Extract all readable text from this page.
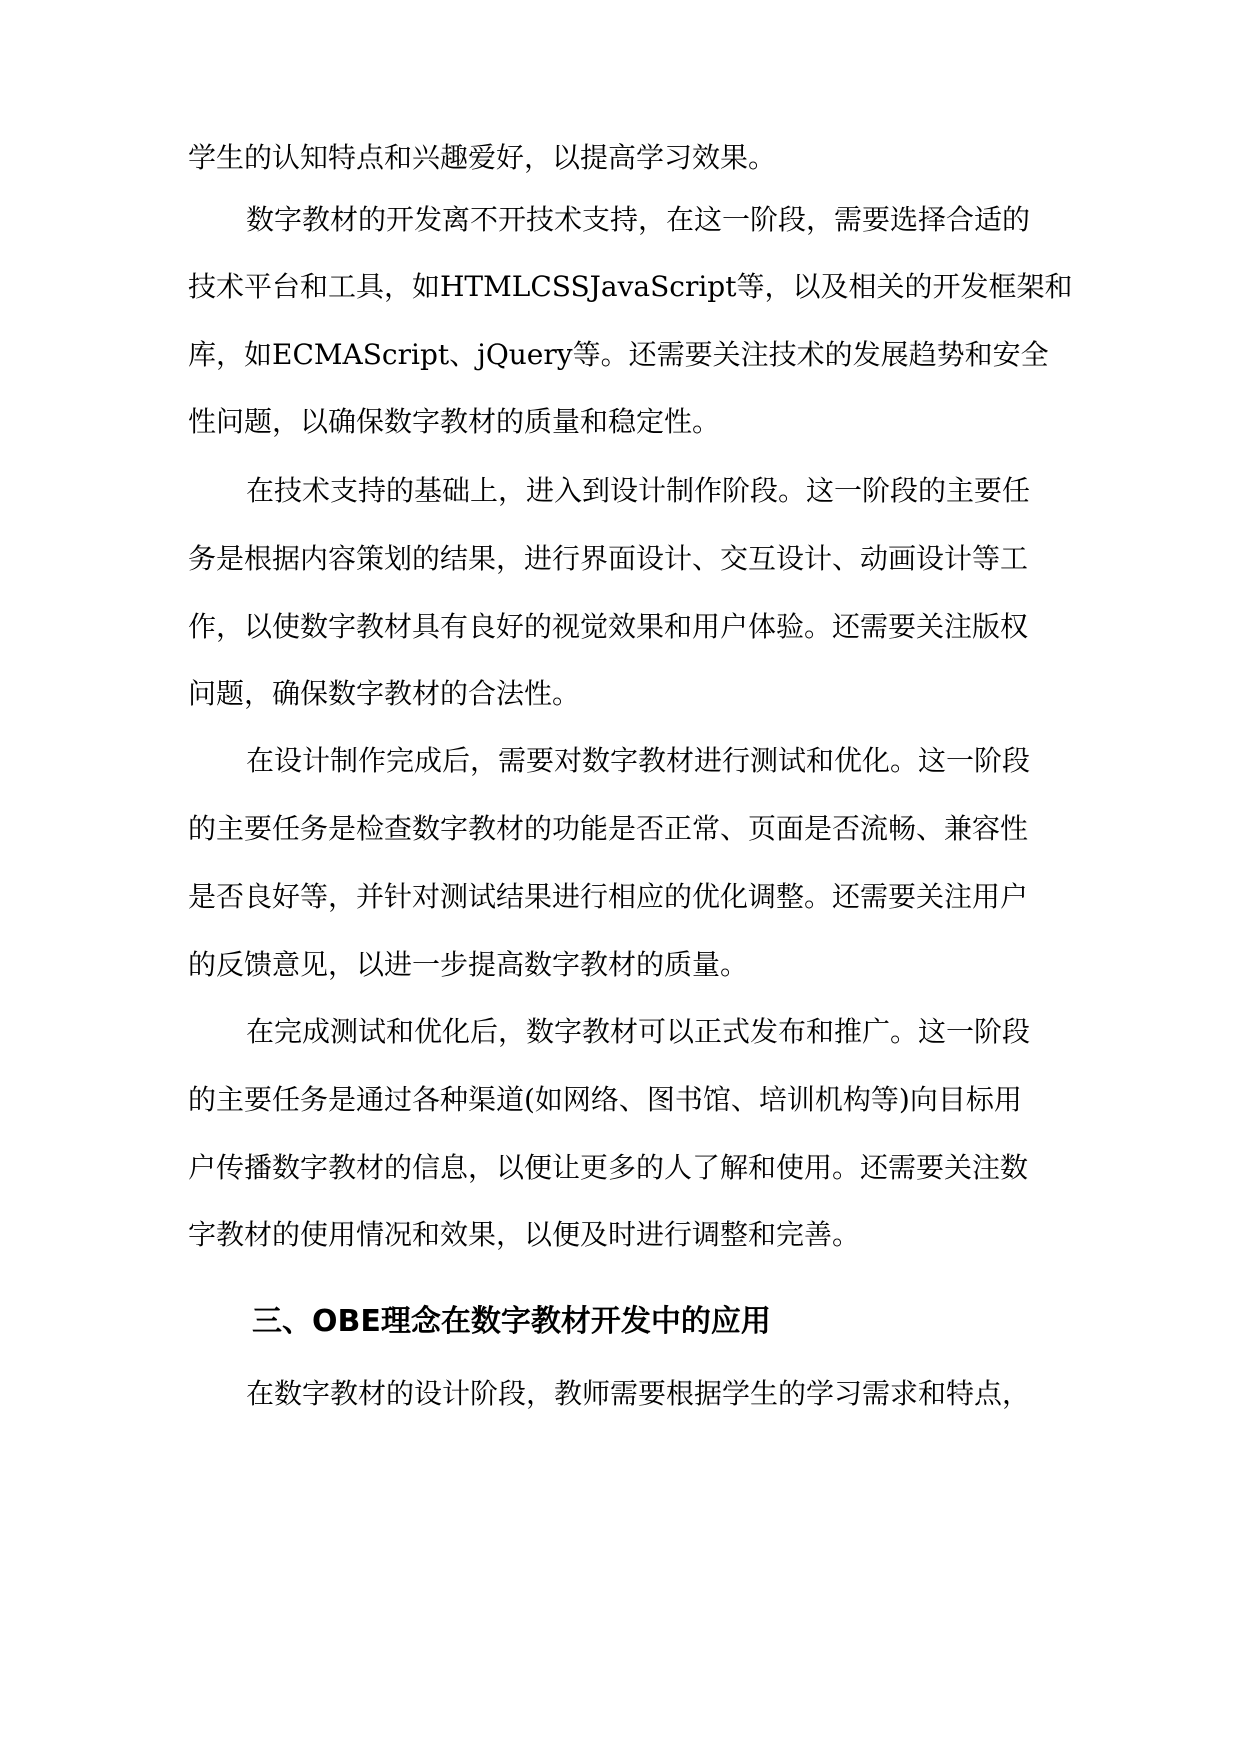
学生的认知特点和兴趣爱好，以提高学习效果。
数字教材的开发离不开技术支持，在这一阶段，需要选择合适的
技术平台和工具，如HTMLCSSJavaScript等，以及相关的开发框架和
库，如ECMAScript、jQuery等。还需要关注技术的发展趋势和安全
性问题，以确保数字教材的质量和稳定性。
在技术支持的基础上，进入到设计制作阶段。这一阶段的主要任
务是根据内容策划的结果，进行界面设计、交互设计、动画设计等工
作，以使数字教材具有良好的视觉效果和用户体验。还需要关注版权
问题，确保数字教材的合法性。
在设计制作完成后，需要对数字教材进行测试和优化。这一阶段
的主要任务是检查数字教材的功能是否正常、页面是否流畅、兼容性
是否良好等，并针对测试结果进行相应的优化调整。还需要关注用户
的反馈意见，以进一步提高数字教材的质量。
在完成测试和优化后，数字教材可以正式发布和推广。这一阶段
的主要任务是通过各种渠道(如网络、图书馆、培训机构等)向目标用
户传播数字教材的信息，以便让更多的人了解和使用。还需要关注数
字教材的使用情况和效果，以便及时进行调整和完善。
三、OBE理念在数字教材开发中的应用
在数字教材的设计阶段，教师需要根据学生的学习需求和特点，
